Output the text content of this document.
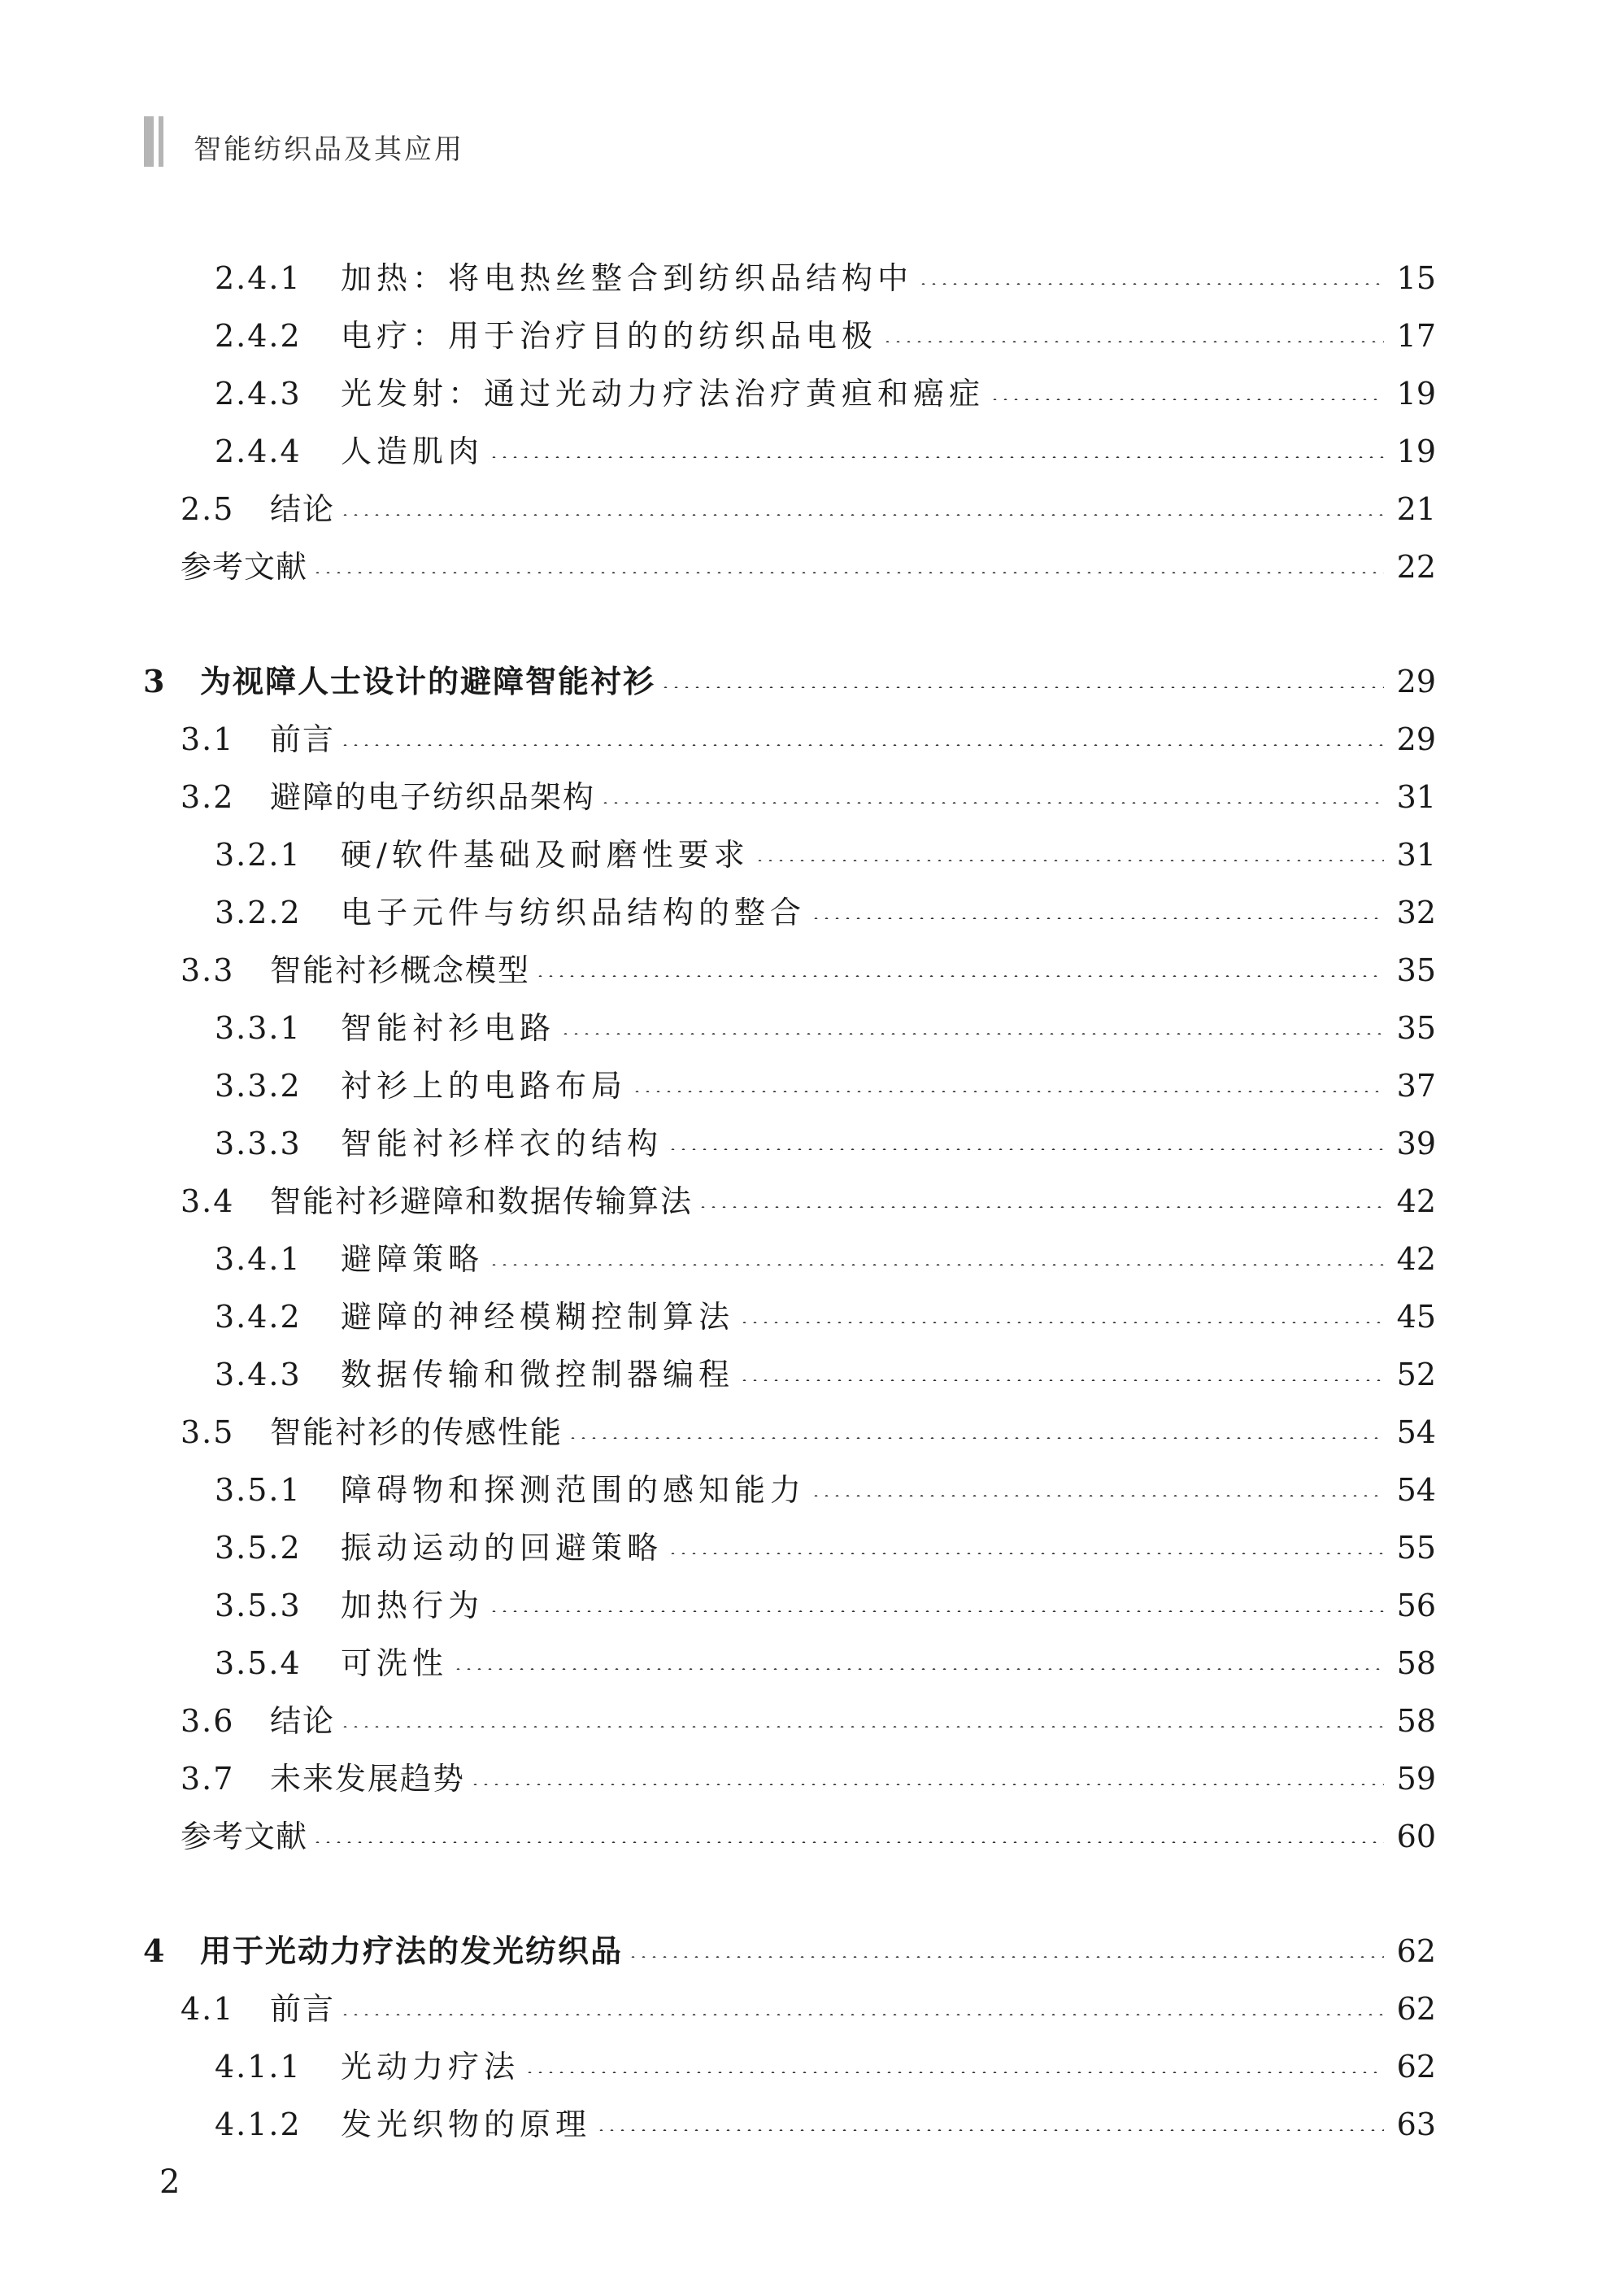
智能纺织品及其应用
2.4.1	加热：将电热丝整合到纺织品结构中	15
2.4.2	电疗：用于治疗目的的纺织品电极	17
2.4.3	光发射：通过光动力疗法治疗黄疸和癌症	19
2.4.4	人造肌肉	19
2.5	结论	21
参考文献	22
3	为视障人士设计的避障智能衬衫	29
3.1	前言	29
3.2	避障的电子纺织品架构	31
3.2.1	硬/软件基础及耐磨性要求	31
3.2.2	电子元件与纺织品结构的整合	32
3.3	智能衬衫概念模型	35
3.3.1	智能衬衫电路	35
3.3.2	衬衫上的电路布局	37
3.3.3	智能衬衫样衣的结构	39
3.4	智能衬衫避障和数据传输算法	42
3.4.1	避障策略	42
3.4.2	避障的神经模糊控制算法	45
3.4.3	数据传输和微控制器编程	52
3.5	智能衬衫的传感性能	54
3.5.1	障碍物和探测范围的感知能力	54
3.5.2	振动运动的回避策略	55
3.5.3	加热行为	56
3.5.4	可洗性	58
3.6	结论	58
3.7	未来发展趋势	59
参考文献	60
4	用于光动力疗法的发光纺织品	62
4.1	前言	62
4.1.1	光动力疗法	62
4.1.2	发光织物的原理	63
2
